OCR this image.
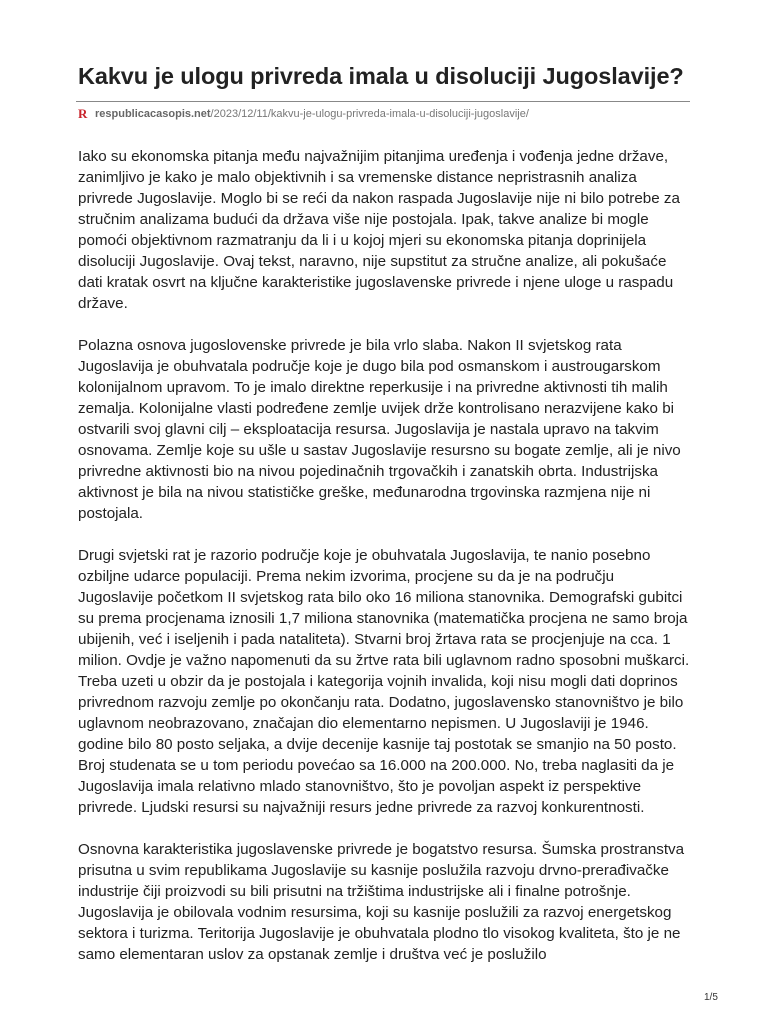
Kakvu je ulogu privreda imala u disoluciji Jugoslavije?
R respublicacasopis.net /2023/12/11/kakvu-je-ulogu-privreda-imala-u-disoluciji-jugoslavije/

Iako su ekonomska pitanja među najvažnijim pitanjima uređenja i vođenja jedne države, zanimljivo je kako je malo objektivnih i sa vremenske distance nepristrasnih analiza privrede Jugoslavije. Moglo bi se reći da nakon raspada Jugoslavije nije ni bilo potrebe za stručnim analizama budući da država više nije postojala. Ipak, takve analize bi mogle pomoći objektivnom razmatranju da li i u kojoj mjeri su ekonomska pitanja doprinijela disoluciji Jugoslavije. Ovaj tekst, naravno, nije supstitut za stručne analize, ali pokušaće dati kratak osvrt na ključne karakteristike jugoslavenske privrede i njene uloge u raspadu države.

Polazna osnova jugoslovenske privrede je bila vrlo slaba. Nakon II svjetskog rata Jugoslavija je obuhvatala područje koje je dugo bila pod osmanskom i austrougarskom kolonijalnom upravom. To je imalo direktne reperkusije i na privredne aktivnosti tih malih zemalja. Kolonijalne vlasti podređene zemlje uvijek drže kontrolisano nerazvijene kako bi ostvarili svoj glavni cilj – eksploatacija resursa. Jugoslavija je nastala upravo na takvim osnovama. Zemlje koje su ušle u sastav Jugoslavije resursno su bogate zemlje, ali je nivo privredne aktivnosti bio na nivou pojedinačnih trgovačkih i zanatskih obrta. Industrijska aktivnost je bila na nivou statističke greške, međunarodna trgovinska razmjena nije ni postojala.

Drugi svjetski rat je razorio područje koje je obuhvatala Jugoslavija, te nanio posebno ozbiljne udarce populaciji. Prema nekim izvorima, procjene su da je na području Jugoslavije početkom II svjetskog rata bilo oko 16 miliona stanovnika. Demografski gubitci su prema procjenama iznosili 1,7 miliona stanovnika (matematička procjena ne samo broja ubijenih, već i iseljenih i pada nataliteta). Stvarni broj žrtava rata se procjenjuje na cca. 1 milion. Ovdje je važno napomenuti da su žrtve rata bili uglavnom radno sposobni muškarci. Treba uzeti u obzir da je postojala i kategorija vojnih invalida, koji nisu mogli dati doprinos privrednom razvoju zemlje po okončanju rata. Dodatno, jugoslavensko stanovništvo je bilo uglavnom neobrazovano, značajan dio elementarno nepismen. U Jugoslaviji je 1946. godine bilo 80 posto seljaka, a dvije decenije kasnije taj postotak se smanjio na 50 posto. Broj studenata se u tom periodu povećao sa 16.000 na 200.000. No, treba naglasiti da je Jugoslavija imala relativno mlado stanovništvo, što je povoljan aspekt iz perspektive privrede. Ljudski resursi su najvažniji resurs jedne privrede za razvoj konkurentnosti.

Osnovna karakteristika jugoslavenske privrede je bogatstvo resursa. Šumska prostranstva prisutna u svim republikama Jugoslavije su kasnije poslužila razvoju drvno-prerađivačke industrije čiji proizvodi su bili prisutni na tržištima industrijske ali i finalne potrošnje. Jugoslavija je obilovala vodnim resursima, koji su kasnije poslužili za razvoj energetskog sektora i turizma. Teritorija Jugoslavije je obuhvatala plodno tlo visokog kvaliteta, što je ne samo elementaran uslov za opstanak zemlje i društva već je poslužilo

1/5
